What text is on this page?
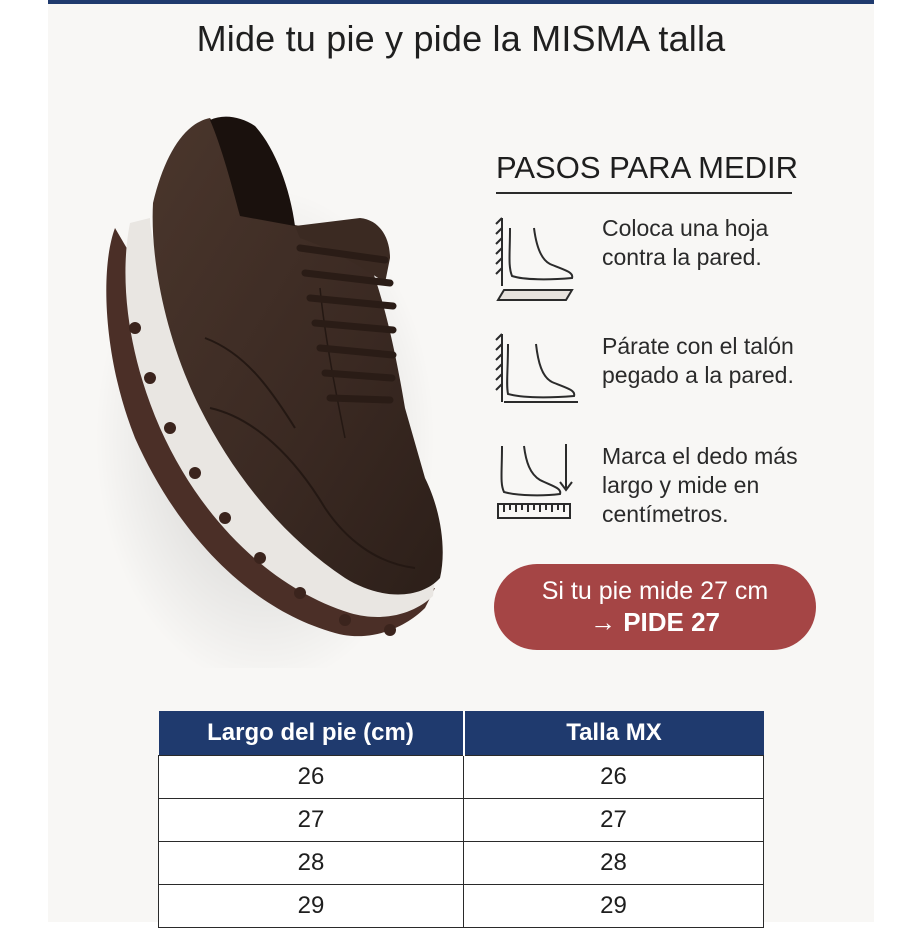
Mide tu pie y pide la MISMA talla
PASOS PARA MEDIR
Coloca una hoja
contra la pared.
Párate con el talón
pegado a la pared.
Marca el dedo más
largo y mide en
centímetros.
Si tu pie mide 27 cm
→ PIDE 27
Largo del pie (cm)	Talla MX
26	26
27	27
28	28
29	29
